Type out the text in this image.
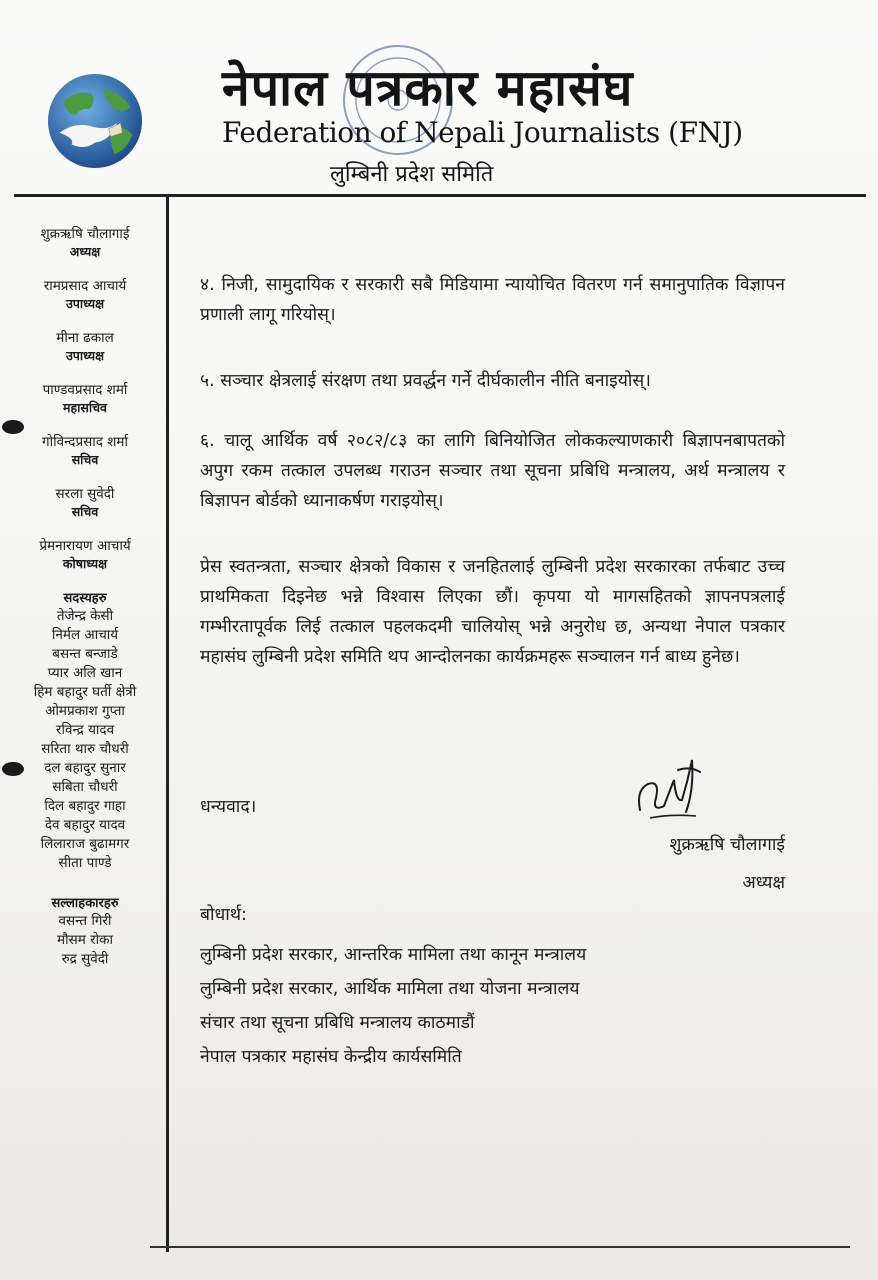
नेपाल पत्रकार महासंघ
Federation of Nepali Journalists (FNJ)
लुम्बिनी प्रदेश समिति
शुक्रऋषि चौलागाई
अध्यक्ष
रामप्रसाद आचार्य
उपाध्यक्ष
मीना ढकाल
उपाध्यक्ष
पाण्डवप्रसाद शर्मा
महासचिव
गोविन्दप्रसाद शर्मा
सचिव
सरला सुवेदी
सचिव
प्रेमनारायण आचार्य
कोषाध्यक्ष
सदस्यहरु
तेजेन्द्र केसी
निर्मल आचार्य
बसन्त बन्जाडे
प्यार अलि खान
हिम बहादुर घर्ती क्षेत्री
ओमप्रकाश गुप्ता
रविन्द्र यादव
सरिता थारु चौधरी
दल बहादुर सुनार
सबिता चौधरी
दिल बहादुर गाहा
देव बहादुर यादव
लिलाराज बुढामगर
सीता पाण्डे
सल्लाहकारहरु
वसन्त गिरी
मौसम रोका
रुद्र सुवेदी

४. निजी, सामुदायिक र सरकारी सबै मिडियामा न्यायोचित वितरण गर्न समानुपातिक विज्ञापन प्रणाली लागू गरियोस्।

५. सञ्चार क्षेत्रलाई संरक्षण तथा प्रवर्द्धन गर्ने दीर्घकालीन नीति बनाइयोस्।

६. चालू आर्थिक वर्ष २०८२/८३ का लागि बिनियोजित लोककल्याणकारी बिज्ञापनबापतको अपुग रकम तत्काल उपलब्ध गराउन सञ्चार तथा सूचना प्रबिधि मन्त्रालय, अर्थ मन्त्रालय र बिज्ञापन बोर्डको ध्यानाकर्षण गराइयोस्।

प्रेस स्वतन्त्रता, सञ्चार क्षेत्रको विकास र जनहितलाई लुम्बिनी प्रदेश सरकारका तर्फबाट उच्च प्राथमिकता दिइनेछ भन्ने विश्वास लिएका छौं। कृपया यो मागसहितको ज्ञापनपत्रलाई गम्भीरतापूर्वक लिई तत्काल पहलकदमी चालियोस् भन्ने अनुरोध छ, अन्यथा नेपाल पत्रकार महासंघ लुम्बिनी प्रदेश समिति थप आन्दोलनका कार्यक्रमहरू सञ्चालन गर्न बाध्य हुनेछ।

धन्यवाद।
शुक्रऋषि चौलागाई
अध्यक्ष
बोधार्थ:
लुम्बिनी प्रदेश सरकार, आन्तरिक मामिला तथा कानून मन्त्रालय
लुम्बिनी प्रदेश सरकार, आर्थिक मामिला तथा योजना मन्त्रालय
संचार तथा सूचना प्रबिधि मन्त्रालय काठमाडौं
नेपाल पत्रकार महासंघ केन्द्रीय कार्यसमिति
